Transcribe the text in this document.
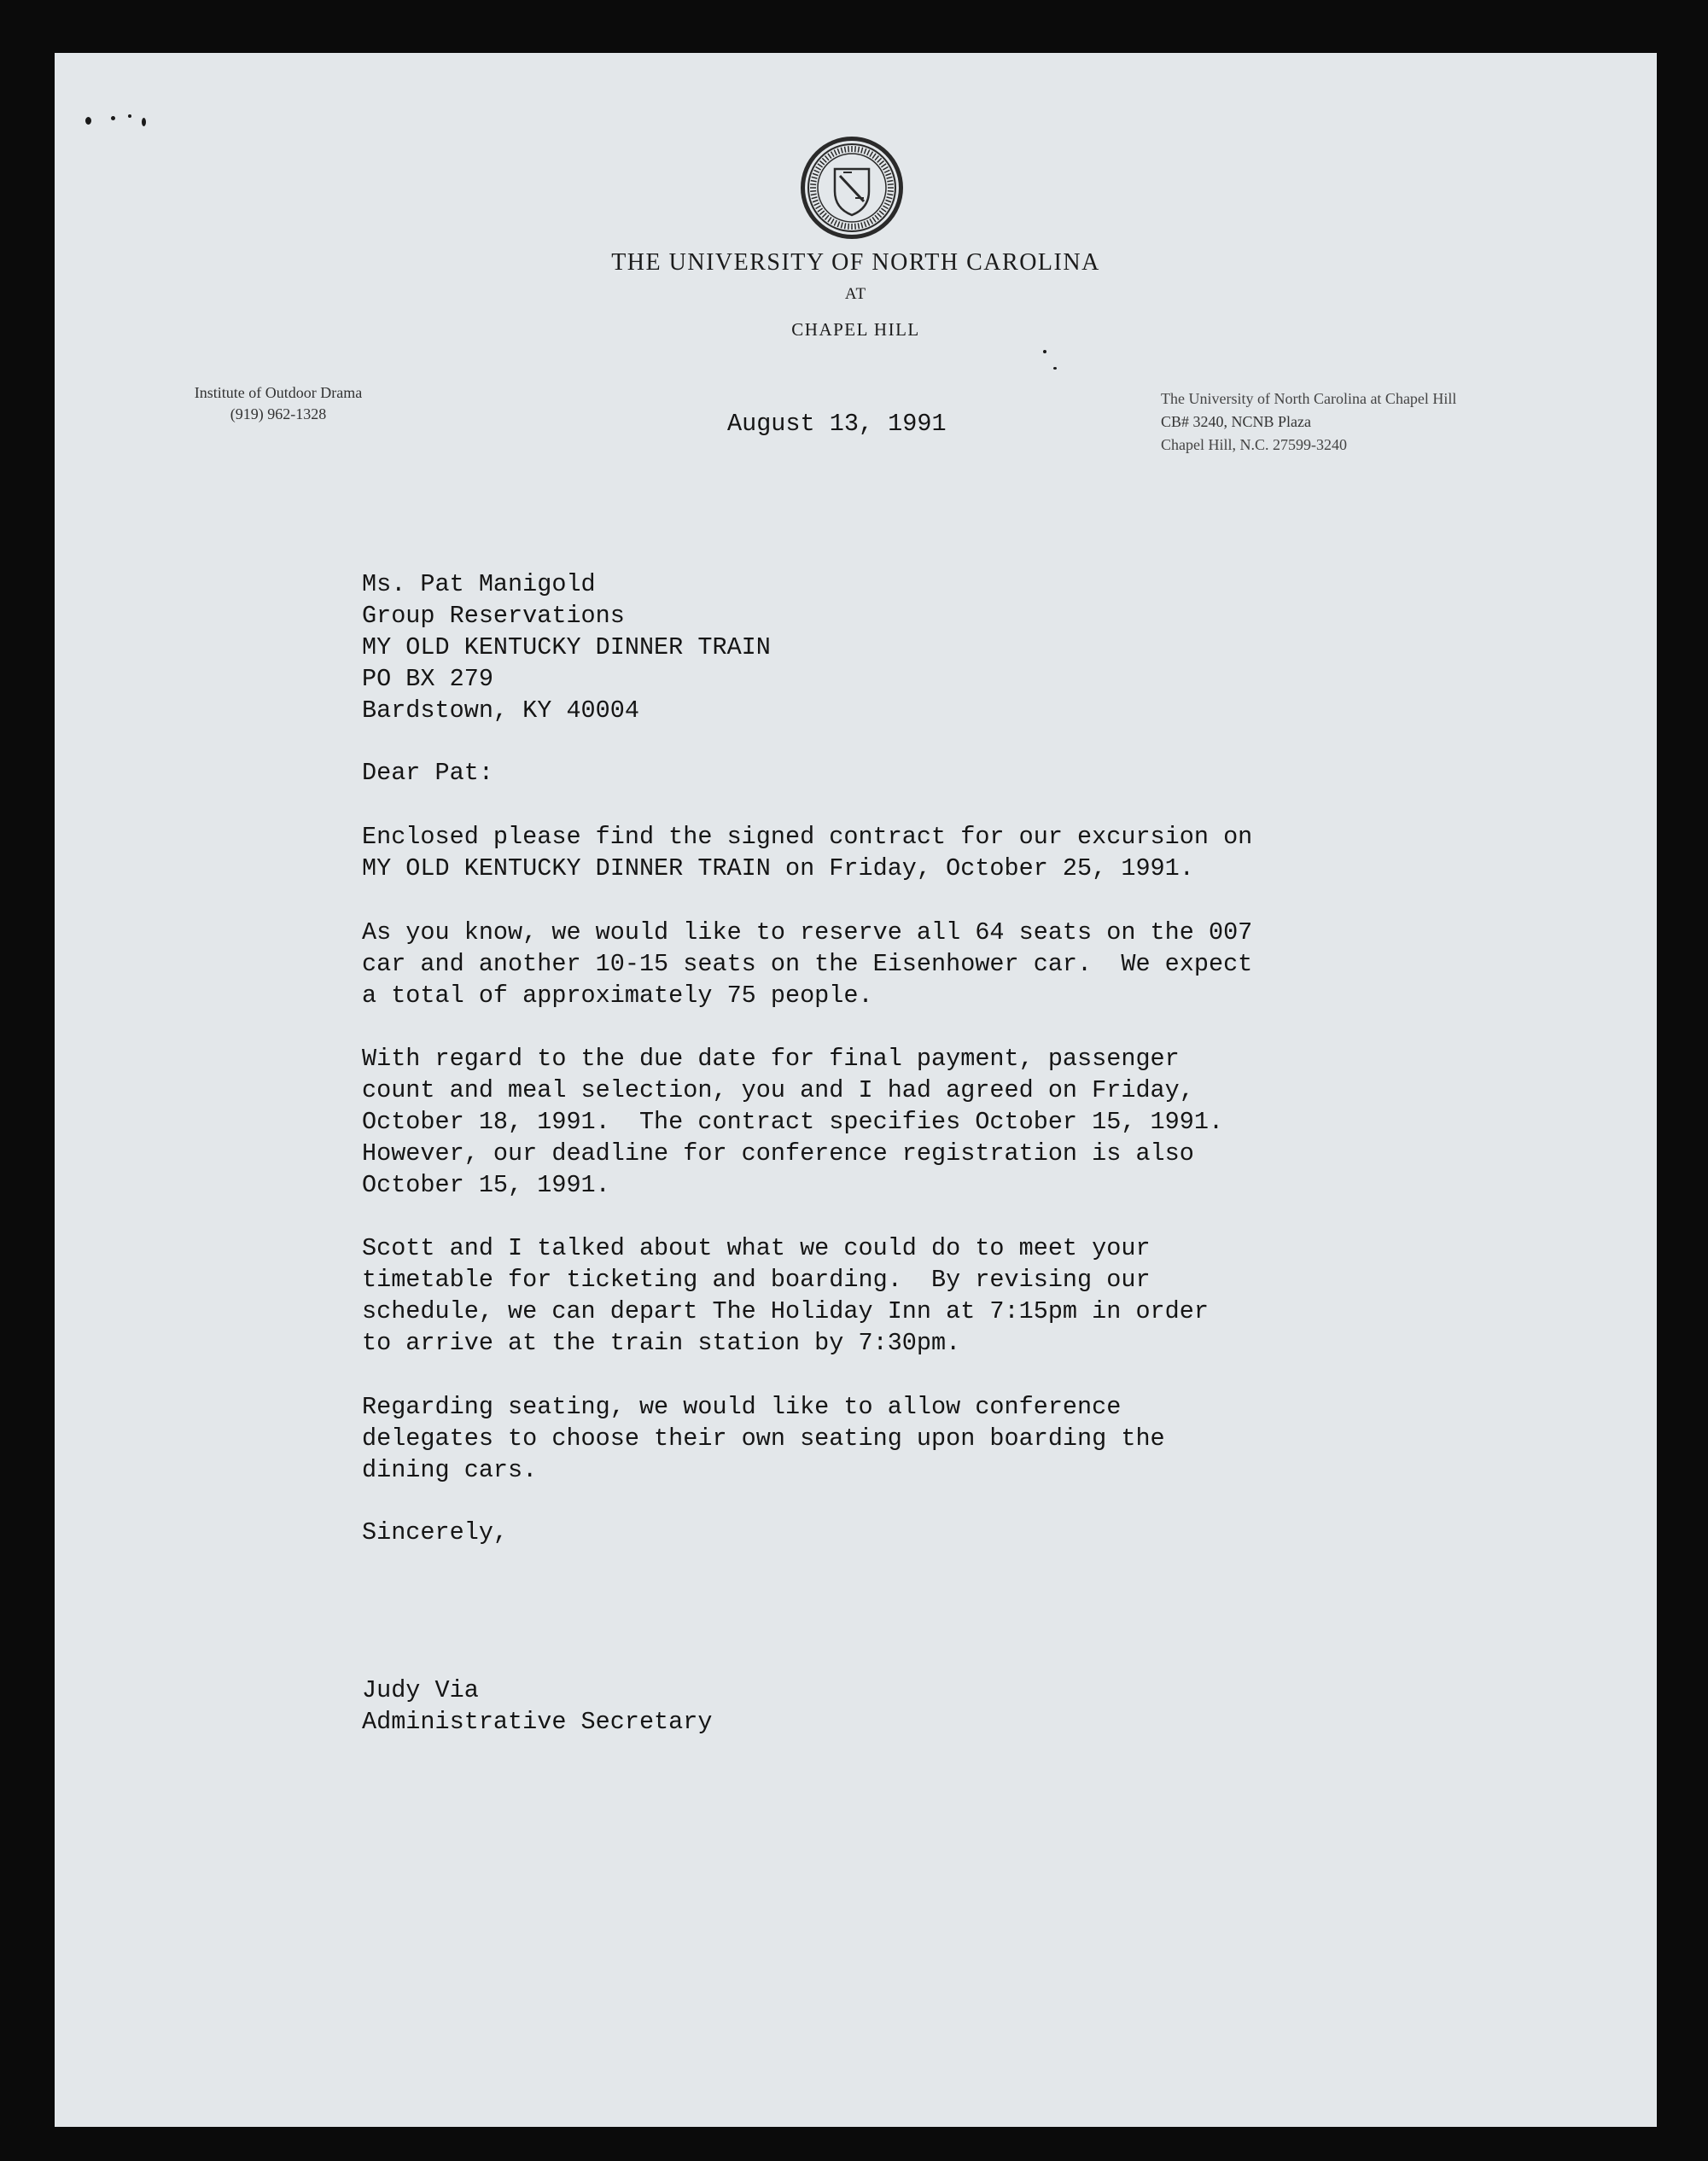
THE UNIVERSITY OF NORTH CAROLINA
AT
CHAPEL HILL
Institute of Outdoor Drama
(919) 962-1328
The University of North Carolina at Chapel Hill
CB# 3240, NCNB Plaza
Chapel Hill, N.C. 27599-3240
August 13, 1991
Ms. Pat Manigold
Group Reservations
MY OLD KENTUCKY DINNER TRAIN
PO BX 279
Bardstown, KY 40004
Dear Pat:
Enclosed please find the signed contract for our excursion on
MY OLD KENTUCKY DINNER TRAIN on Friday, October 25, 1991.
As you know, we would like to reserve all 64 seats on the 007
car and another 10-15 seats on the Eisenhower car.  We expect
a total of approximately 75 people.
With regard to the due date for final payment, passenger
count and meal selection, you and I had agreed on Friday,
October 18, 1991.  The contract specifies October 15, 1991.
However, our deadline for conference registration is also
October 15, 1991.
Scott and I talked about what we could do to meet your
timetable for ticketing and boarding.  By revising our
schedule, we can depart The Holiday Inn at 7:15pm in order
to arrive at the train station by 7:30pm.
Regarding seating, we would like to allow conference
delegates to choose their own seating upon boarding the
dining cars.
Sincerely,
Judy Via
Administrative Secretary
